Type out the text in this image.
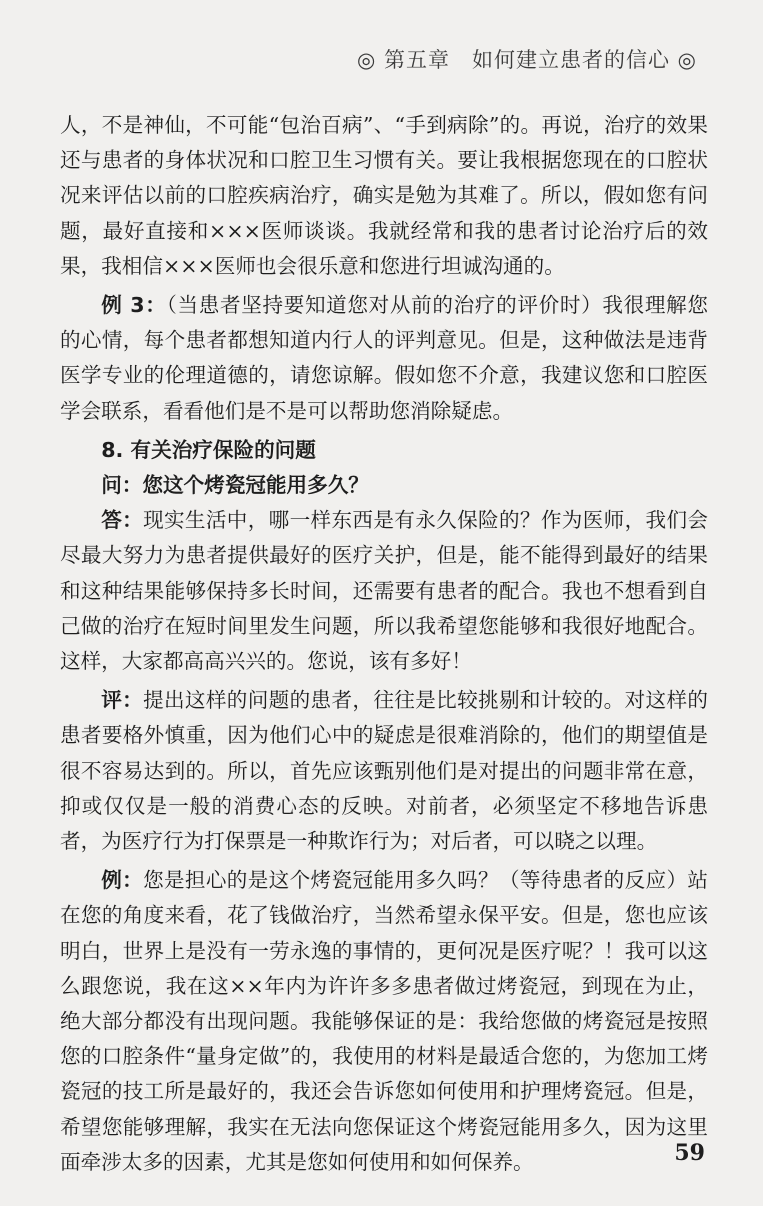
◎ 第五章　如何建立患者的信心 ◎

人，不是神仙，不可能“包治百病”、“手到病除”的。再说，治疗的效果还与患者的身体状况和口腔卫生习惯有关。要让我根据您现在的口腔状况来评估以前的口腔疾病治疗，确实是勉为其难了。所以，假如您有问题，最好直接和×××医师谈谈。我就经常和我的患者讨论治疗后的效果，我相信×××医师也会很乐意和您进行坦诚沟通的。

例 3：（当患者坚持要知道您对从前的治疗的评价时）我很理解您的心情，每个患者都想知道内行人的评判意见。但是，这种做法是违背医学专业的伦理道德的，请您谅解。假如您不介意，我建议您和口腔医学会联系，看看他们是不是可以帮助您消除疑虑。

8. 有关治疗保险的问题

问：您这个烤瓷冠能用多久？

答：现实生活中，哪一样东西是有永久保险的？作为医师，我们会尽最大努力为患者提供最好的医疗关护，但是，能不能得到最好的结果和这种结果能够保持多长时间，还需要有患者的配合。我也不想看到自己做的治疗在短时间里发生问题，所以我希望您能够和我很好地配合。这样，大家都高高兴兴的。您说，该有多好！

评：提出这样的问题的患者，往往是比较挑剔和计较的。对这样的患者要格外慎重，因为他们心中的疑虑是很难消除的，他们的期望值是很不容易达到的。所以，首先应该甄别他们是对提出的问题非常在意，抑或仅仅是一般的消费心态的反映。对前者，必须坚定不移地告诉患者，为医疗行为打保票是一种欺诈行为；对后者，可以晓之以理。

例：您是担心的是这个烤瓷冠能用多久吗？（等待患者的反应）站在您的角度来看，花了钱做治疗，当然希望永保平安。但是，您也应该明白，世界上是没有一劳永逸的事情的，更何况是医疗呢？！我可以这么跟您说，我在这××年内为许许多多患者做过烤瓷冠，到现在为止，绝大部分都没有出现问题。我能够保证的是：我给您做的烤瓷冠是按照您的口腔条件“量身定做”的，我使用的材料是最适合您的，为您加工烤瓷冠的技工所是最好的，我还会告诉您如何使用和护理烤瓷冠。但是，希望您能够理解，我实在无法向您保证这个烤瓷冠能用多久，因为这里面牵涉太多的因素，尤其是您如何使用和如何保养。	59
